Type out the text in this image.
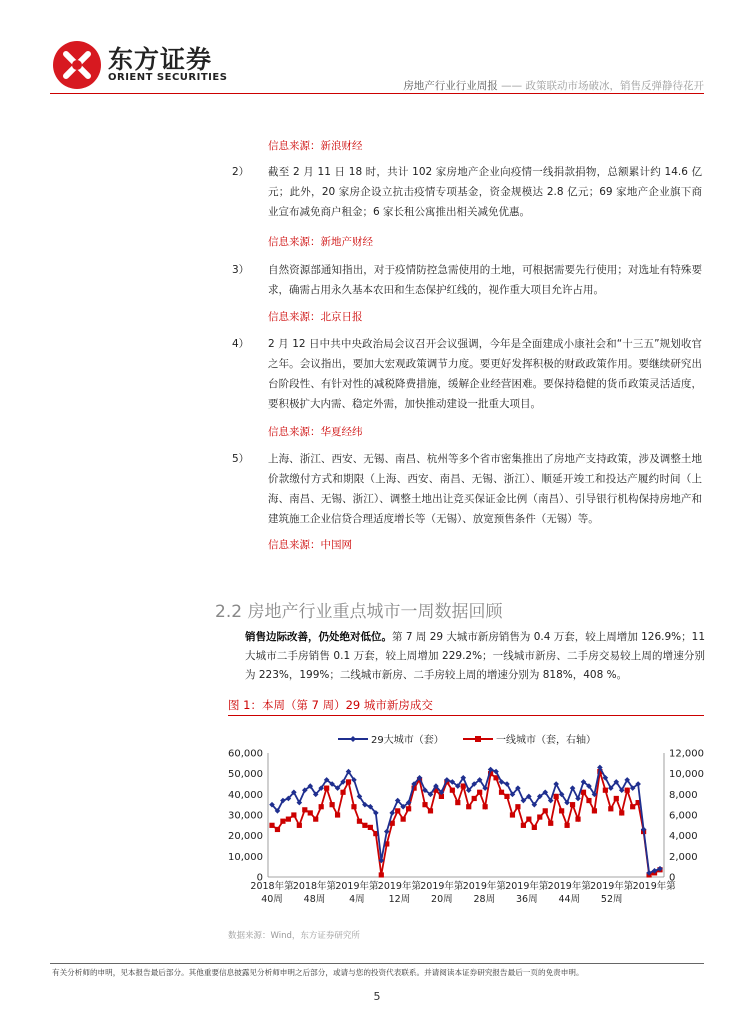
东方证券
ORIENT SECURITIES
房地产行业行业周报 —— 政策联动市场破冰，销售反弹静待花开
信息来源：新浪财经
2）	截至 2 月 11 日 18 时，共计 102 家房地产企业向疫情一线捐款捐物，总额累计约 14.6 亿元；此外，20 家房企设立抗击疫情专项基金，资金规模达 2.8 亿元；69 家地产企业旗下商业宣布减免商户租金；6 家长租公寓推出相关减免优惠。
信息来源：新地产财经
3）	自然资源部通知指出，对于疫情防控急需使用的土地，可根据需要先行使用；对选址有特殊要求，确需占用永久基本农田和生态保护红线的，视作重大项目允许占用。
信息来源：北京日报
4）	2 月 12 日中共中央政治局会议召开会议强调，今年是全面建成小康社会和“十三五”规划收官之年。会议指出，要加大宏观政策调节力度。要更好发挥积极的财政政策作用。要继续研究出台阶段性、有针对性的减税降费措施，缓解企业经营困难。要保持稳健的货币政策灵活适度，要积极扩大内需、稳定外需，加快推动建设一批重大项目。
信息来源：华夏经纬
5）	上海、浙江、西安、无锡、南昌、杭州等多个省市密集推出了房地产支持政策，涉及调整土地价款缴付方式和期限（上海、西安、南昌、无锡、浙江）、顺延开竣工和投达产履约时间（上海、南昌、无锡、浙江）、调整土地出让竞买保证金比例（南昌）、引导银行机构保持房地产和建筑施工企业信贷合理适度增长等（无锡）、放宽预售条件（无锡）等。
信息来源：中国网
2.2 房地产行业重点城市一周数据回顾
销售边际改善，仍处绝对低位。第 7 周 29 大城市新房销售为 0.4 万套，较上周增加 126.9%；11 大城市二手房销售 0.1 万套，较上周增加 229.2%；一线城市新房、二手房交易较上周的增速分别为 223%，199%；二线城市新房、二手房较上周的增速分别为 818%，408 %。
图 1：本周（第 7 周）29 城市新房成交
0
10,000
20,000
30,000
40,000
50,000
60,000
0
2,000
4,000
6,000
8,000
10,000
12,000
2018年第
40周
2018年第
48周
2019年第
4周
2019年第
12周
2019年第
20周
2019年第
28周
2019年第
36周
2019年第
44周
2019年第
52周
2019年第
29大城市（套）	一线城市（套，右轴）
数据来源：Wind，东方证券研究所
有关分析师的申明，见本报告最后部分。其他重要信息披露见分析师申明之后部分，或请与您的投资代表联系。并请阅读本证券研究报告最后一页的免责申明。
5
